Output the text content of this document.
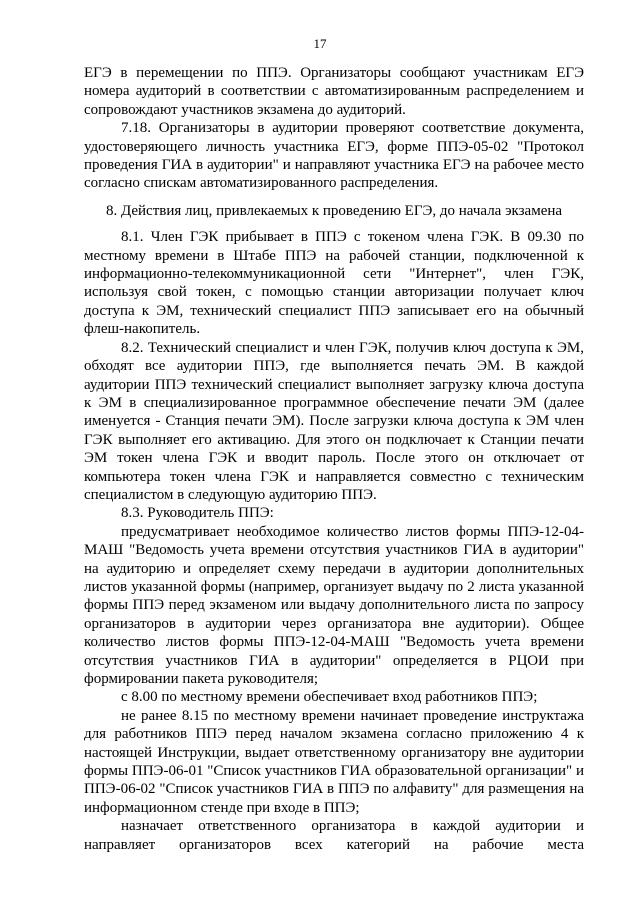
17

ЕГЭ в перемещении по ППЭ. Организаторы сообщают участникам ЕГЭ номера аудиторий в соответствии с автоматизированным распределением и сопровождают участников экзамена до аудиторий.

7.18. Организаторы в аудитории проверяют соответствие документа, удостоверяющего личность участника ЕГЭ, форме ППЭ-05-02 "Протокол проведения ГИА в аудитории" и направляют участника ЕГЭ на рабочее место согласно спискам автоматизированного распределения.

8. Действия лиц, привлекаемых к проведению ЕГЭ, до начала экзамена

8.1. Член ГЭК прибывает в ППЭ с токеном члена ГЭК. В 09.30 по местному времени в Штабе ППЭ на рабочей станции, подключенной к информационно-телекоммуникационной сети "Интернет", член ГЭК, используя свой токен, с помощью станции авторизации получает ключ доступа к ЭМ, технический специалист ППЭ записывает его на обычный флеш-накопитель.

8.2. Технический специалист и член ГЭК, получив ключ доступа к ЭМ, обходят все аудитории ППЭ, где выполняется печать ЭМ. В каждой аудитории ППЭ технический специалист выполняет загрузку ключа доступа к ЭМ в специализированное программное обеспечение печати ЭМ (далее именуется - Станция печати ЭМ). После загрузки ключа доступа к ЭМ член ГЭК выполняет его активацию. Для этого он подключает к Станции печати ЭМ токен члена ГЭК и вводит пароль. После этого он отключает от компьютера токен члена ГЭК и направляется совместно с техническим специалистом в следующую аудиторию ППЭ.

8.3. Руководитель ППЭ:

предусматривает необходимое количество листов формы ППЭ-12-04-МАШ "Ведомость учета времени отсутствия участников ГИА в аудитории" на аудиторию и определяет схему передачи в аудитории дополнительных листов указанной формы (например, организует выдачу по 2 листа указанной формы ППЭ перед экзаменом или выдачу дополнительного листа по запросу организаторов в аудитории через организатора вне аудитории). Общее количество листов формы ППЭ-12-04-МАШ "Ведомость учета времени отсутствия участников ГИА в аудитории" определяется в РЦОИ при формировании пакета руководителя;

с 8.00 по местному времени обеспечивает вход работников ППЭ;

не ранее 8.15 по местному времени начинает проведение инструктажа для работников ППЭ перед началом экзамена согласно приложению 4 к настоящей Инструкции, выдает ответственному организатору вне аудитории формы ППЭ-06-01 "Список участников ГИА образовательной организации" и ППЭ-06-02 "Список участников ГИА в ППЭ по алфавиту" для размещения на информационном стенде при входе в ППЭ;

назначает ответственного организатора в каждой аудитории и направляет организаторов всех категорий на рабочие места
